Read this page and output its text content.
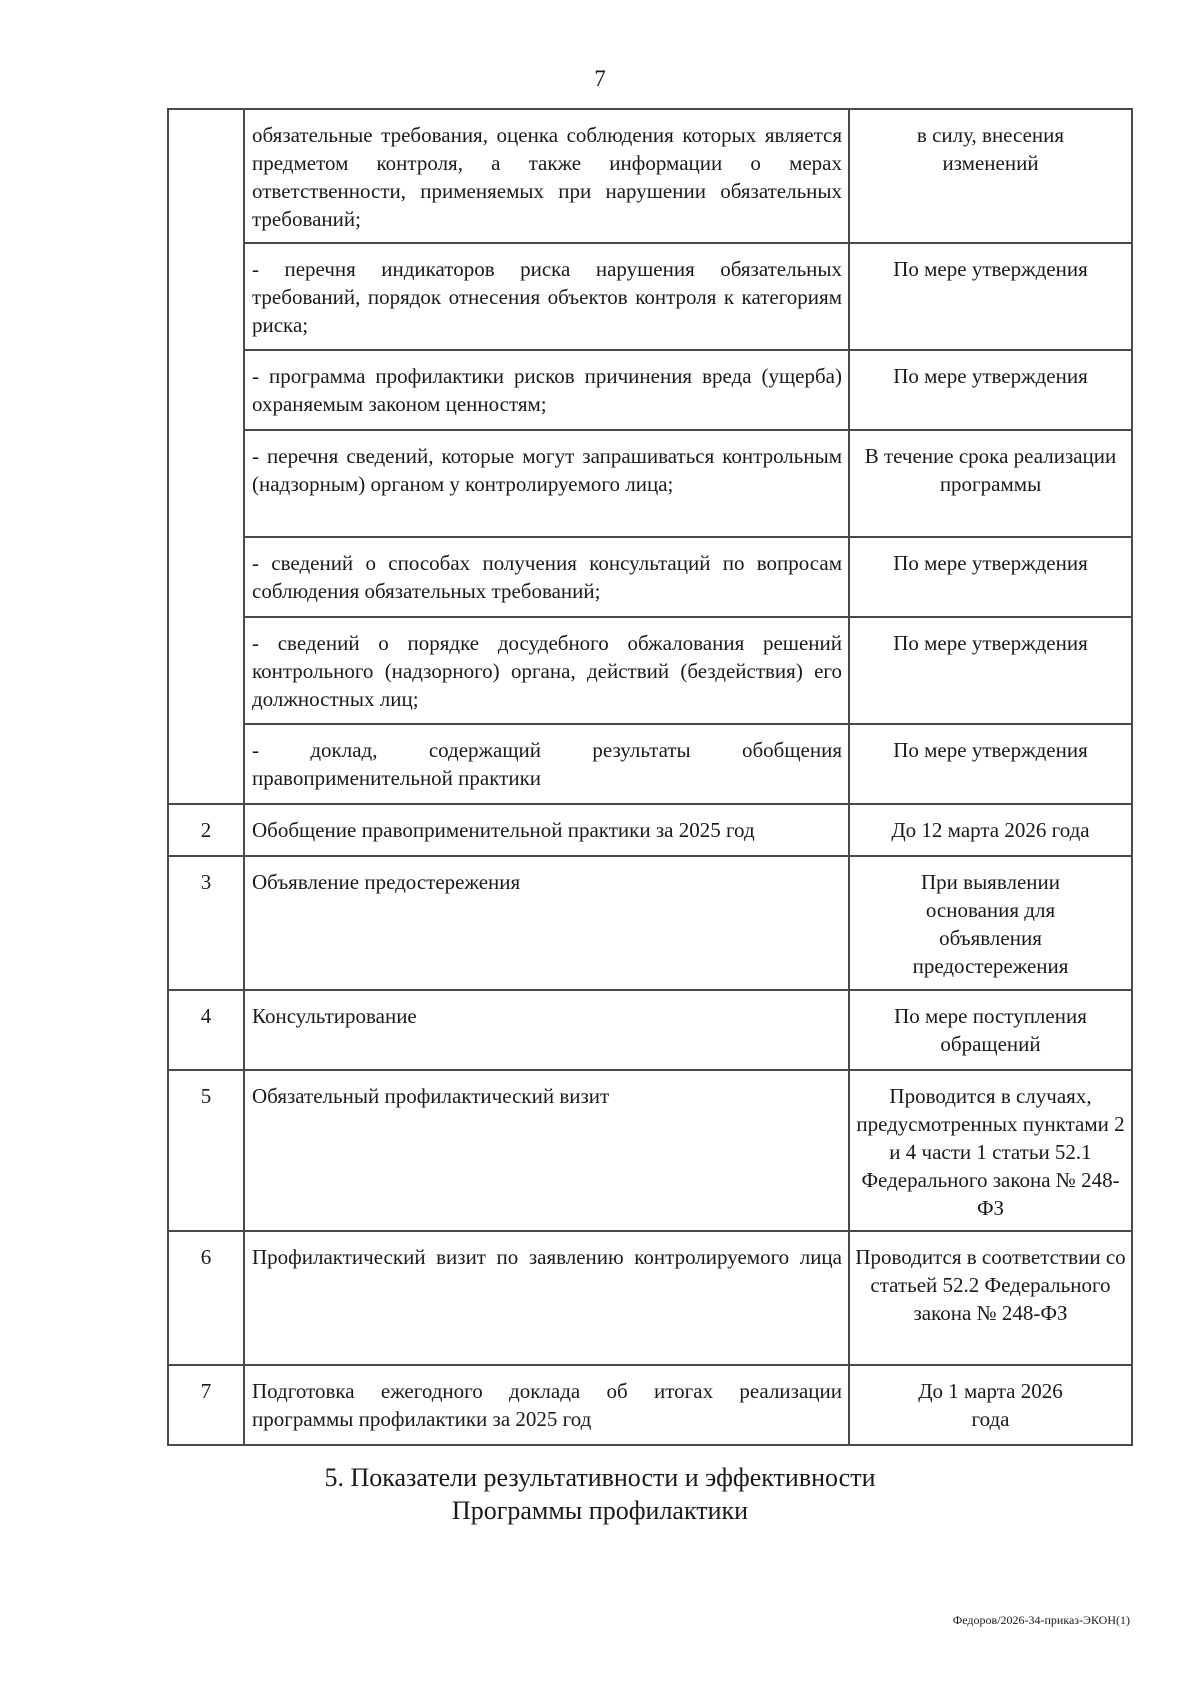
7

	обязательные требования, оценка соблюдения которых является предметом контроля, а также информации о мерах ответственности, применяемых при нарушении обязательных требований;	в силу, внесения изменений

	- перечня индикаторов риска нарушения обязательных требований, порядок отнесения объектов контроля к категориям риска;	По мере утверждения

	- программа профилактики рисков причинения вреда (ущерба) охраняемым законом ценностям;	По мере утверждения

	- перечня сведений, которые могут запрашиваться контрольным (надзорным) органом у контролируемого лица;	В течение срока реализации программы

	- сведений о способах получения консультаций по вопросам соблюдения обязательных требований;	По мере утверждения

	- сведений о порядке досудебного обжалования решений контрольного (надзорного) органа, действий (бездействия) его должностных лиц;	По мере утверждения

	- доклад, содержащий результаты обобщения правоприменительной практики	По мере утверждения

2	Обобщение правоприменительной практики за 2025 год	До 12 марта 2026 года

3	Объявление предостережения	При выявлении основания для объявления предостережения

4	Консультирование	По мере поступления обращений

5	Обязательный профилактический визит	Проводится в случаях, предусмотренных пунктами 2 и 4 части 1 статьи 52.1 Федерального закона № 248-ФЗ

6	Профилактический визит по заявлению контролируемого лица	Проводится в соответствии со статьей 52.2 Федерального закона № 248-ФЗ

7	Подготовка ежегодного доклада об итогах реализации программы профилактики за 2025 год	До 1 марта 2026 года
5. Показатели результативности и эффективности
Программы профилактики
Федоров/2026-34-приказ-ЭКОН(1)
